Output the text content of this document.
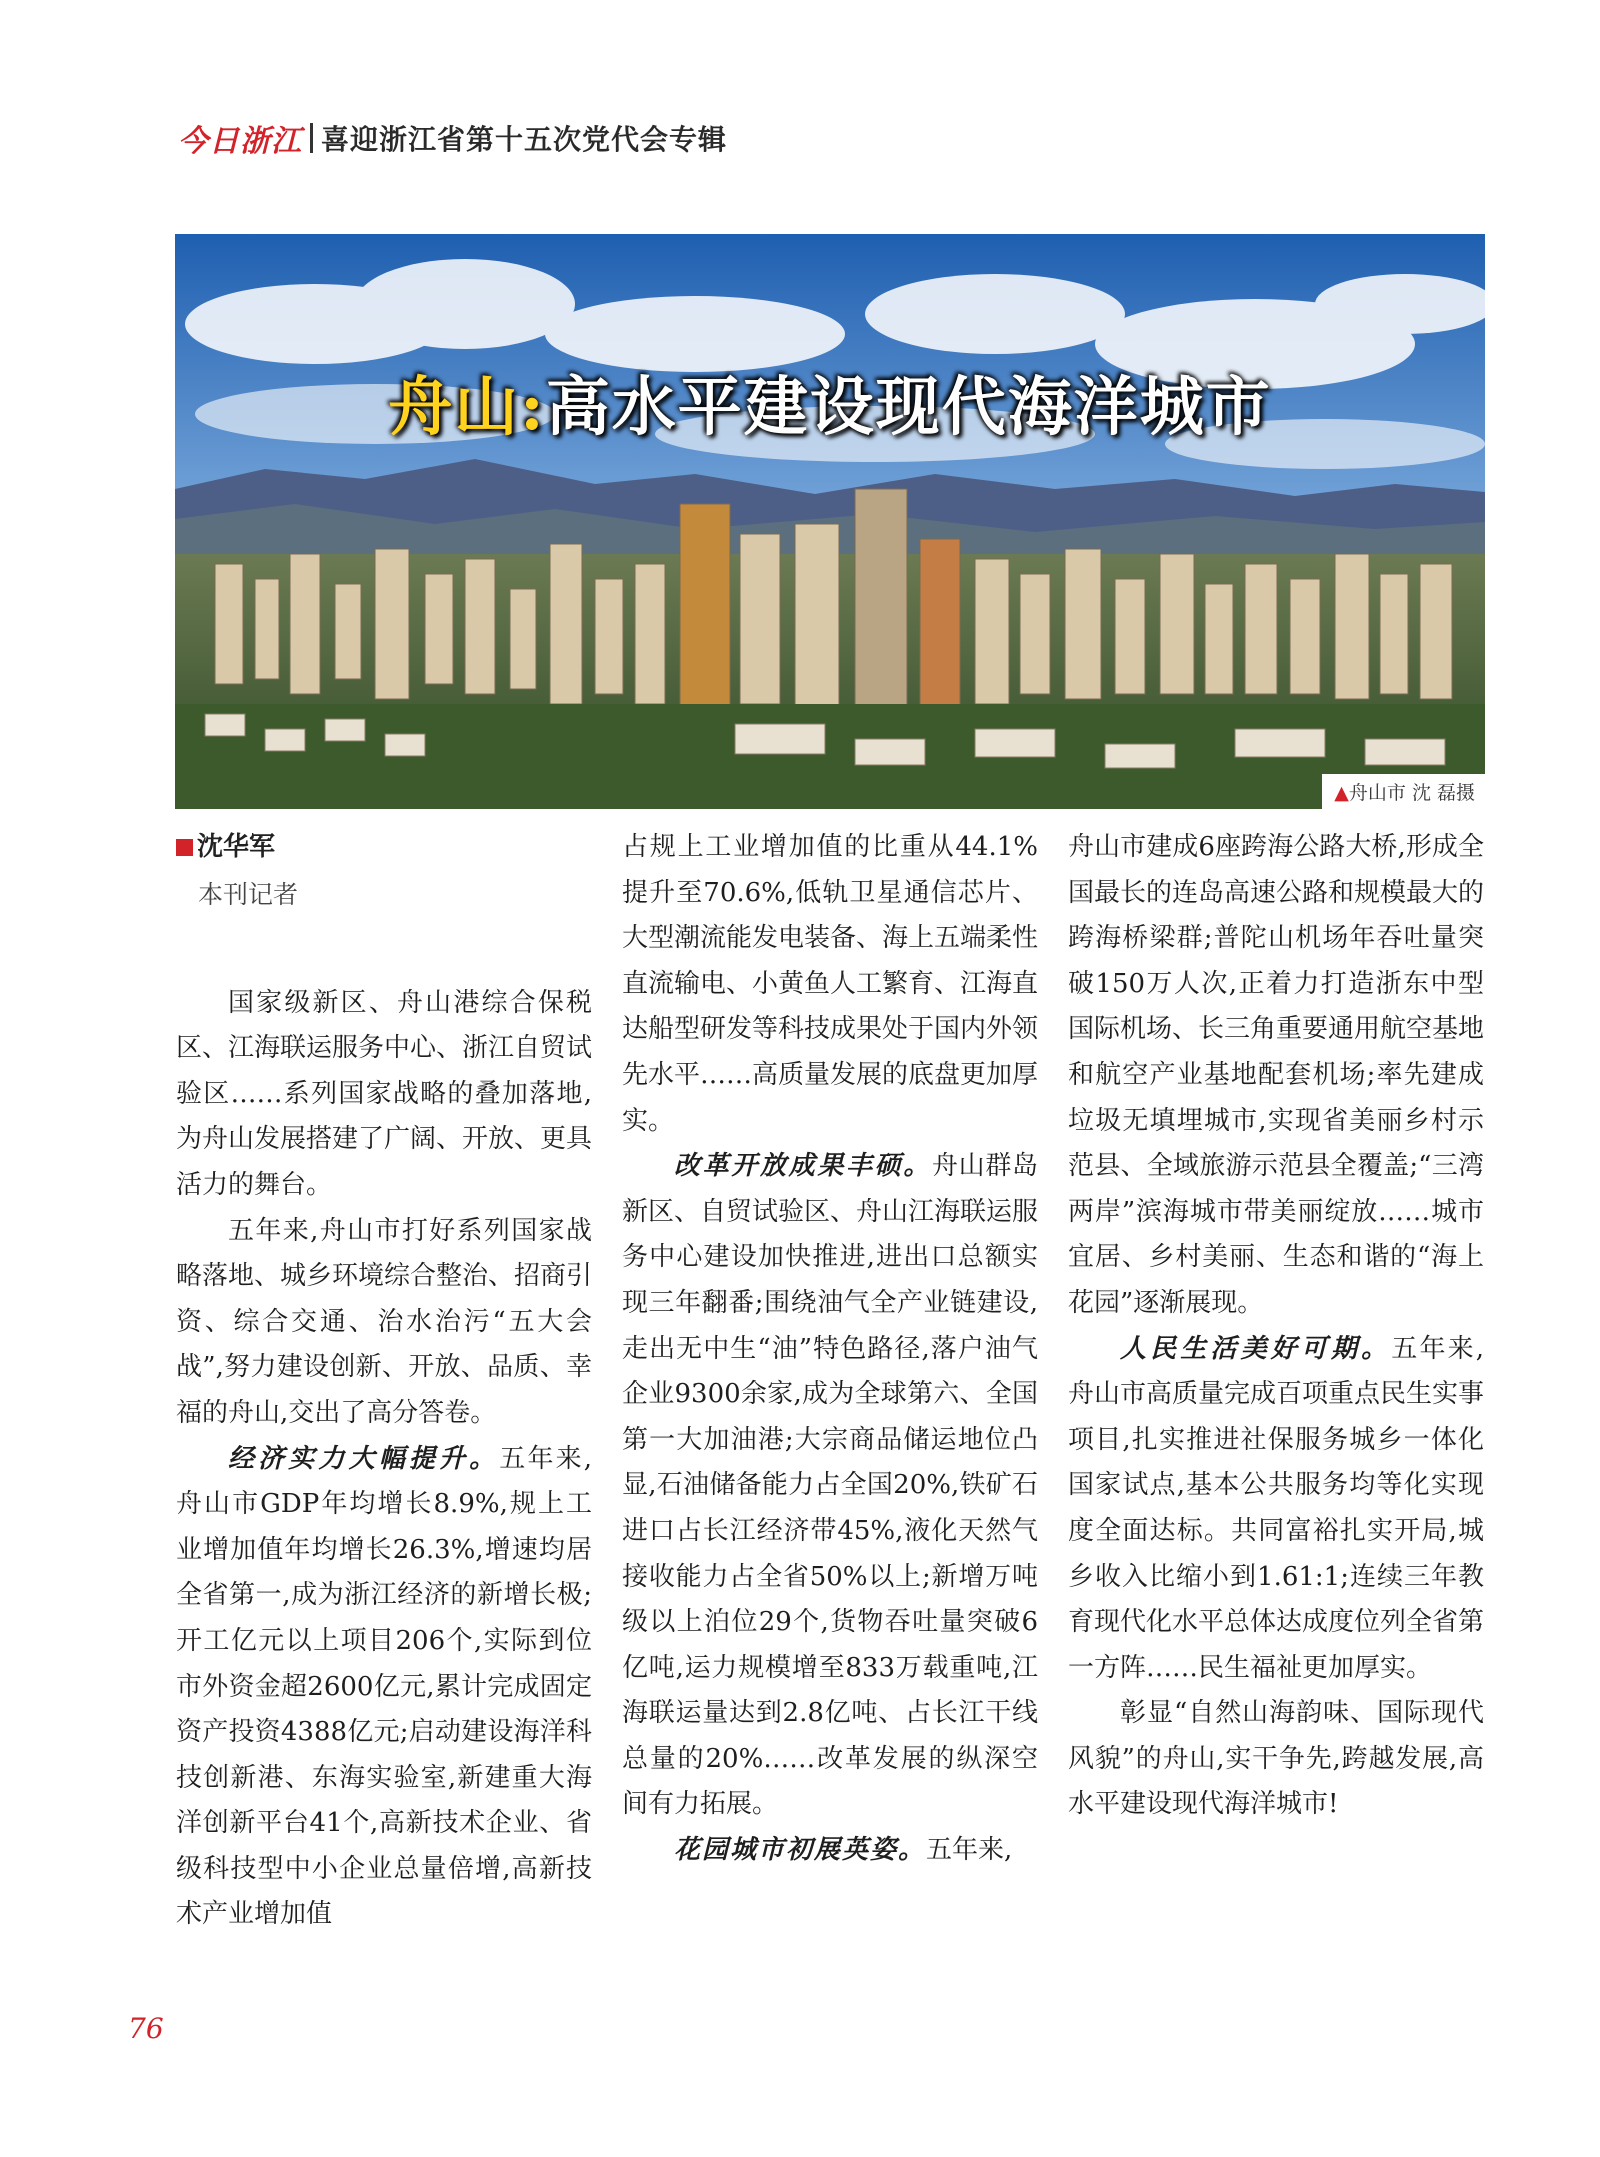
今日浙江 喜迎浙江省第十五次党代会专辑
舟山:高水平建设现代海洋城市
▲舟山市 沈 磊摄
沈华军
本刊记者

国家级新区、舟山港综合保税区、江海联运服务中心、浙江自贸试验区……系列国家战略的叠加落地,为舟山发展搭建了广阔、开放、更具活力的舞台。

五年来,舟山市打好系列国家战略落地、城乡环境综合整治、招商引资、综合交通、治水治污“五大会战”,努力建设创新、开放、品质、幸福的舟山,交出了高分答卷。

经济实力大幅提升。五年来,舟山市GDP年均增长8.9%,规上工业增加值年均增长26.3%,增速均居全省第一,成为浙江经济的新增长极;开工亿元以上项目206个,实际到位市外资金超2600亿元,累计完成固定资产投资4388亿元;启动建设海洋科技创新港、东海实验室,新建重大海洋创新平台41个,高新技术企业、省级科技型中小企业总量倍增,高新技术产业增加值

占规上工业增加值的比重从44.1%提升至70.6%,低轨卫星通信芯片、大型潮流能发电装备、海上五端柔性直流输电、小黄鱼人工繁育、江海直达船型研发等科技成果处于国内外领先水平……高质量发展的底盘更加厚实。

改革开放成果丰硕。舟山群岛新区、自贸试验区、舟山江海联运服务中心建设加快推进,进出口总额实现三年翻番;围绕油气全产业链建设,走出无中生“油”特色路径,落户油气企业9300余家,成为全球第六、全国第一大加油港;大宗商品储运地位凸显,石油储备能力占全国20%,铁矿石进口占长江经济带45%,液化天然气接收能力占全省50%以上;新增万吨级以上泊位29个,货物吞吐量突破6亿吨,运力规模增至833万载重吨,江海联运量达到2.8亿吨、占长江干线总量的20%……改革发展的纵深空间有力拓展。

花园城市初展英姿。五年来,

舟山市建成6座跨海公路大桥,形成全国最长的连岛高速公路和规模最大的跨海桥梁群;普陀山机场年吞吐量突破150万人次,正着力打造浙东中型国际机场、长三角重要通用航空基地和航空产业基地配套机场;率先建成垃圾无填埋城市,实现省美丽乡村示范县、全域旅游示范县全覆盖;“三湾两岸”滨海城市带美丽绽放……城市宜居、乡村美丽、生态和谐的“海上花园”逐渐展现。

人民生活美好可期。五年来,舟山市高质量完成百项重点民生实事项目,扎实推进社保服务城乡一体化国家试点,基本公共服务均等化实现度全面达标。共同富裕扎实开局,城乡收入比缩小到1.61:1;连续三年教育现代化水平总体达成度位列全省第一方阵……民生福祉更加厚实。

彰显“自然山海韵味、国际现代风貌”的舟山,实干争先,跨越发展,高水平建设现代海洋城市!

76
